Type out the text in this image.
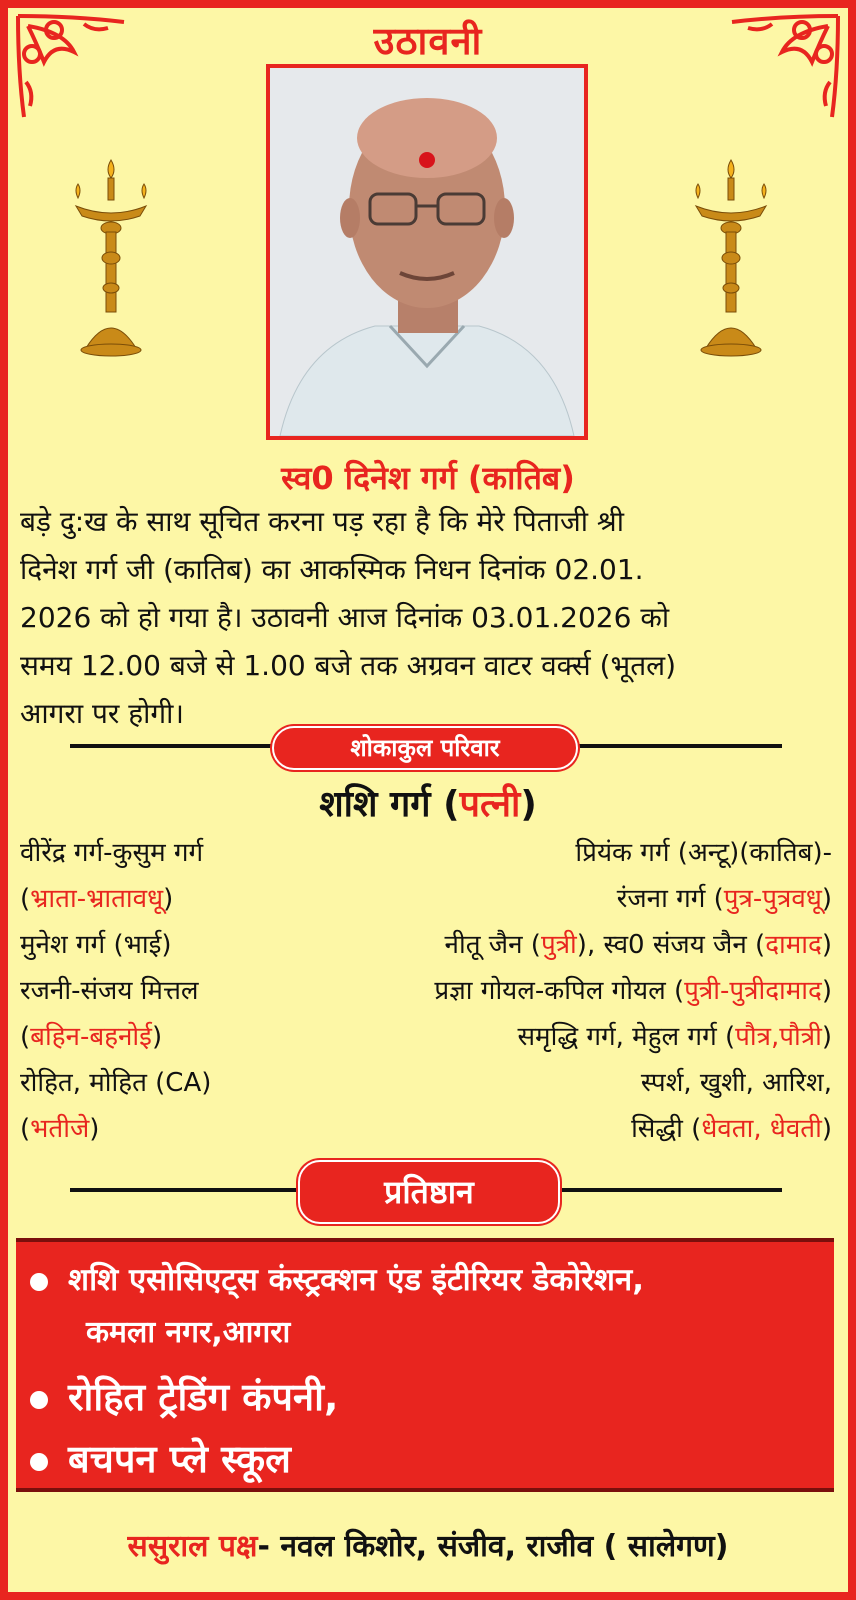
उठावनी
स्व0 दिनेश गर्ग (कातिब)
बड़े दु:ख के साथ सूचित करना पड़ रहा है कि मेरे पिताजी श्री
दिनेश गर्ग जी (कातिब) का आकस्मिक निधन दिनांक 02.01.
2026 को हो गया है। उठावनी आज दिनांक 03.01.2026 को
समय 12.00 बजे से 1.00 बजे तक अग्रवन वाटर वर्क्स (भूतल)
आगरा पर होगी।
शोकाकुल परिवार
शशि गर्ग (पत्नी)
वीरेंद्र गर्ग-कुसुम गर्ग
(भ्राता-भ्रातावधू)
मुनेश गर्ग (भाई)
रजनी-संजय मित्तल
(बहिन-बहनोई)
रोहित, मोहित (CA)
(भतीजे)
प्रियंक गर्ग (अन्टू)(कातिब)-
रंजना गर्ग (पुत्र-पुत्रवधू)
नीतू जैन (पुत्री), स्व0 संजय जैन (दामाद)
प्रज्ञा गोयल-कपिल गोयल (पुत्री-पुत्रीदामाद)
समृद्धि गर्ग, मेहुल गर्ग (पौत्र,पौत्री)
स्पर्श, खुशी, आरिश,
सिद्धी (धेवता, धेवती)
प्रतिष्ठान
शशि एसोसिएट्स कंस्ट्रक्शन एंड इंटीरियर डेकोरेशन,
कमला नगर,आगरा
रोहित ट्रेडिंग कंपनी,
बचपन प्ले स्कूल
ससुराल पक्ष- नवल किशोर, संजीव, राजीव ( सालेगण)
